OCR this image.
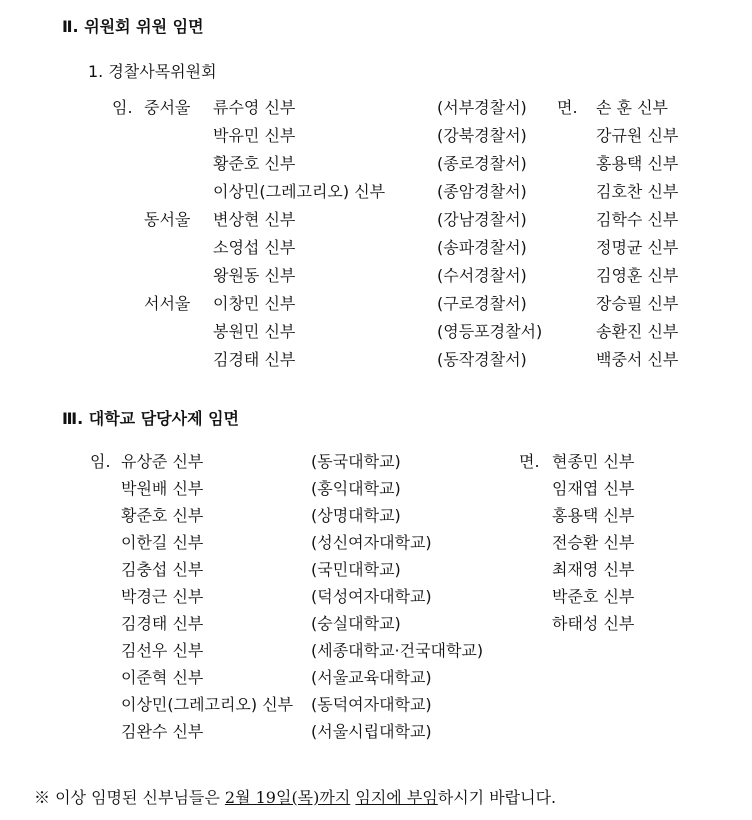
Ⅱ. 위원회 위원 임면
1. 경찰사목위원회
임.	면.
중서울 류수영 신부	(서부경찰서)	손 훈 신부
박유민 신부	(강북경찰서)	강규원 신부
황준호 신부	(종로경찰서)	홍용택 신부
이상민(그레고리오) 신부	(종암경찰서)	김호찬 신부
동서울 변상현 신부	(강남경찰서)	김학수 신부
소영섭 신부	(송파경찰서)	정명균 신부
왕원동 신부	(수서경찰서)	김영훈 신부
서서울 이창민 신부	(구로경찰서)	장승필 신부
봉원민 신부	(영등포경찰서)	송환진 신부
김경태 신부	(동작경찰서)	백중서 신부
Ⅲ. 대학교 담당사제 임면
임.	면.
유상준 신부	(동국대학교)	현종민 신부
박원배 신부	(홍익대학교)	임재엽 신부
황준호 신부	(상명대학교)	홍용택 신부
이한길 신부	(성신여자대학교)	전승환 신부
김충섭 신부	(국민대학교)	최재영 신부
박경근 신부	(덕성여자대학교)	박준호 신부
김경태 신부	(숭실대학교)	하태성 신부
김선우 신부	(세종대학교·건국대학교)
이준혁 신부	(서울교육대학교)
이상민(그레고리오) 신부 (동덕여자대학교)
김완수 신부	(서울시립대학교)
※ 이상 임명된 신부님들은 2월 19일(목)까지 임지에 부임하시기 바랍니다.
